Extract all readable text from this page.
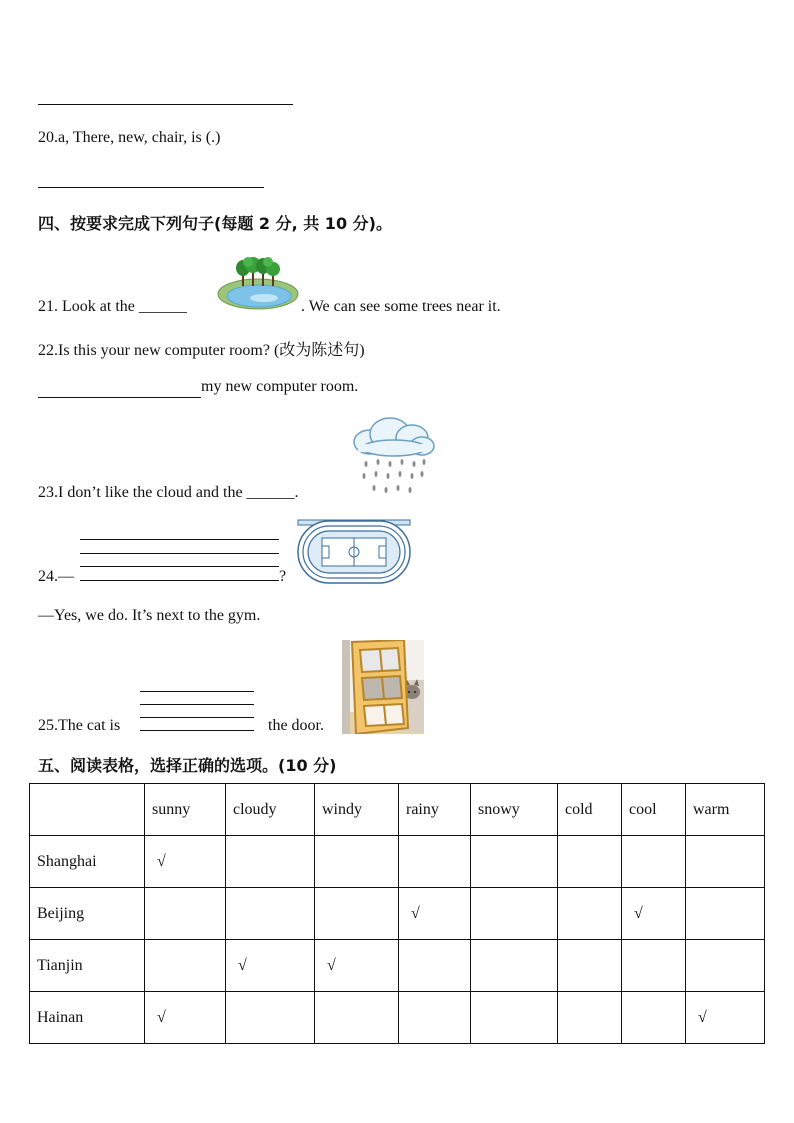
20.a, There, new, chair, is (.)
四、按要求完成下列句子(每题 2 分, 共 10 分)。
21. Look at the ______	. We can see some trees near it.
22.Is this your new computer room? (改为陈述句)
my new computer room.
23.I don’t like the cloud and the ______.
24.—	?
—Yes, we do. It’s next to the gym.
25.The cat is	the door.
五、阅读表格，选择正确的选项。(10 分)
	sunny	cloudy	windy	rainy	snowy	cold	cool	warm
Shanghai	√							
Beijing				√			√	
Tianjin		√	√					
Hainan	√							√
